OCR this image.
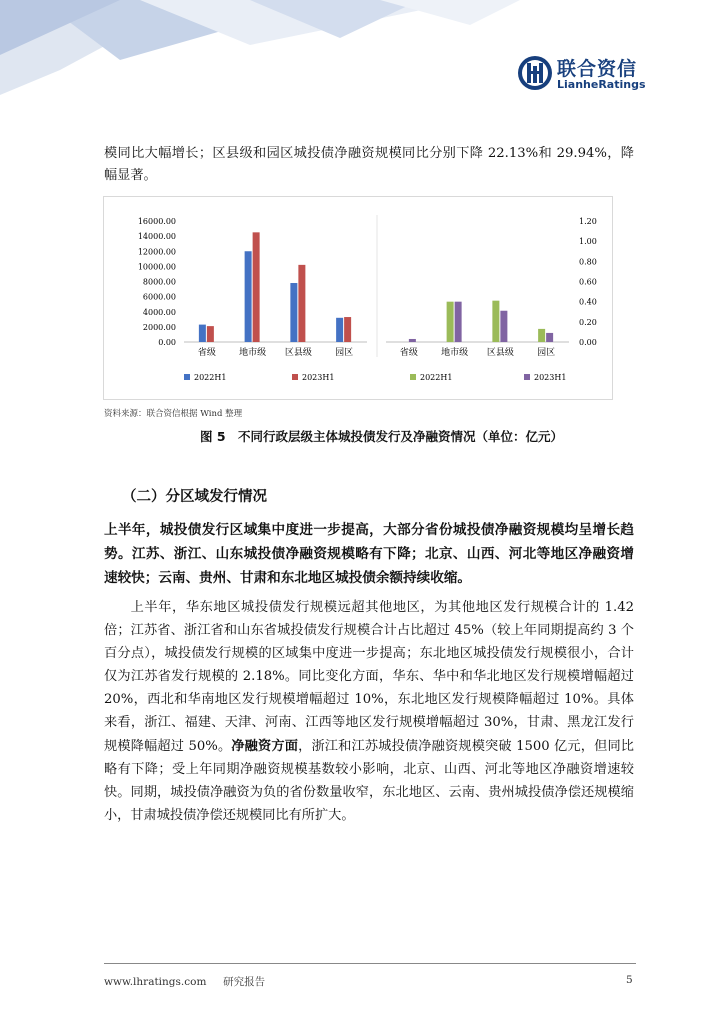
联合资信
LianheRatings
模同比大幅增长；区县级和园区城投债净融资规模同比分别下降 22.13%和 29.94%，降幅显著。
16000.00
14000.00
12000.00
10000.00
8000.00
6000.00
4000.00
2000.00
0.00
省级	地市级 区县级	园区
1.20
1.00
0.80
0.60
0.40
0.20
0.00
省级	地市级 区县级	园区
2022H1	2023H1	2022H1	2023H1
资料来源：联合资信根据 Wind 整理
图 5　不同行政层级主体城投债发行及净融资情况（单位：亿元）
（二）分区域发行情况
上半年，城投债发行区域集中度进一步提高，大部分省份城投债净融资规模均呈增长趋势。江苏、浙江、山东城投债净融资规模略有下降；北京、山西、河北等地区净融资增速较快；云南、贵州、甘肃和东北地区城投债余额持续收缩。
上半年，华东地区城投债发行规模远超其他地区，为其他地区发行规模合计的 1.42 倍；江苏省、浙江省和山东省城投债发行规模合计占比超过 45%（较上年同期提高约 3 个百分点），城投债发行规模的区域集中度进一步提高；东北地区城投债发行规模很小，合计仅为江苏省发行规模的 2.18%。同比变化方面，华东、华中和华北地区发行规模增幅超过 20%，西北和华南地区发行规模增幅超过 10%，东北地区发行规模降幅超过 10%。具体来看，浙江、福建、天津、河南、江西等地区发行规模增幅超过 30%，甘肃、黑龙江发行规模降幅超过 50%。净融资方面，浙江和江苏城投债净融资规模突破 1500 亿元，但同比略有下降；受上年同期净融资规模基数较小影响，北京、山西、河北等地区净融资增速较快。同期，城投债净融资为负的省份数量收窄，东北地区、云南、贵州城投债净偿还规模缩小，甘肃城投债净偿还规模同比有所扩大。
www.lhratings.com 研究报告	5
